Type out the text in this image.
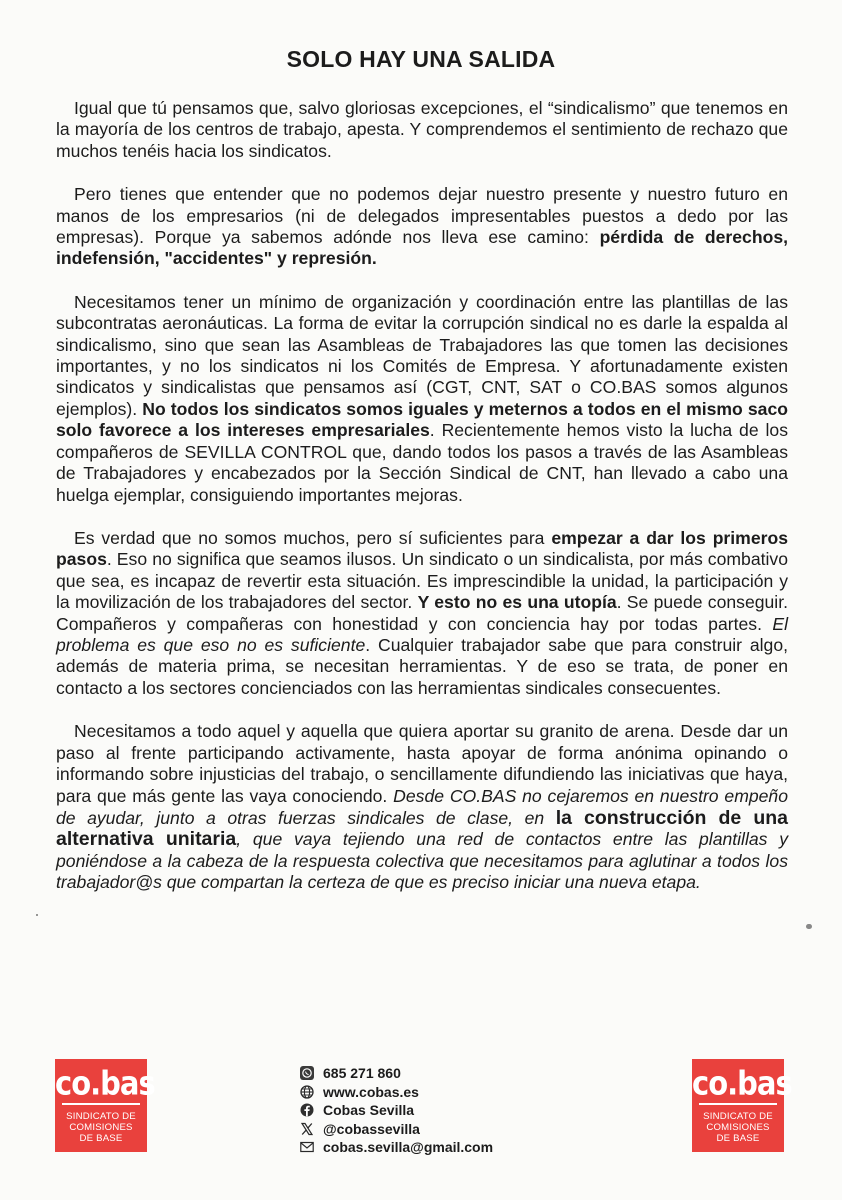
SOLO HAY UNA SALIDA

Igual que tú pensamos que, salvo gloriosas excepciones, el “sindicalismo” que tenemos en la mayoría de los centros de trabajo, apesta. Y comprendemos el sentimiento de rechazo que muchos tenéis hacia los sindicatos.

Pero tienes que entender que no podemos dejar nuestro presente y nuestro futuro en manos de los empresarios (ni de delegados impresentables puestos a dedo por las empresas). Porque ya sabemos adónde nos lleva ese camino: pérdida de derechos, indefensión, "accidentes" y represión.

Necesitamos tener un mínimo de organización y coordinación entre las plantillas de las subcontratas aeronáuticas. La forma de evitar la corrupción sindical no es darle la espalda al sindicalismo, sino que sean las Asambleas de Trabajadores las que tomen las decisiones importantes, y no los sindicatos ni los Comités de Empresa. Y afortunadamente existen sindicatos y sindicalistas que pensamos así (CGT, CNT, SAT o CO.BAS somos algunos ejemplos). No todos los sindicatos somos iguales y meternos a todos en el mismo saco solo favorece a los intereses empresariales. Recientemente hemos visto la lucha de los compañeros de SEVILLA CONTROL que, dando todos los pasos a través de las Asambleas de Trabajadores y encabezados por la Sección Sindical de CNT, han llevado a cabo una huelga ejemplar, consiguiendo importantes mejoras.

Es verdad que no somos muchos, pero sí suficientes para empezar a dar los primeros pasos. Eso no significa que seamos ilusos. Un sindicato o un sindicalista, por más combativo que sea, es incapaz de revertir esta situación. Es imprescindible la unidad, la participación y la movilización de los trabajadores del sector. Y esto no es una utopía. Se puede conseguir. Compañeros y compañeras con honestidad y con conciencia hay por todas partes. El problema es que eso no es suficiente. Cualquier trabajador sabe que para construir algo, además de materia prima, se necesitan herramientas. Y de eso se trata, de poner en contacto a los sectores concienciados con las herramientas sindicales consecuentes.

Necesitamos a todo aquel y aquella que quiera aportar su granito de arena. Desde dar un paso al frente participando activamente, hasta apoyar de forma anónima opinando o informando sobre injusticias del trabajo, o sencillamente difundiendo las iniciativas que haya, para que más gente las vaya conociendo. Desde CO.BAS no cejaremos en nuestro empeño de ayudar, junto a otras fuerzas sindicales de clase, en la construcción de una alternativa unitaria, que vaya tejiendo una red de contactos entre las plantillas y poniéndose a la cabeza de la respuesta colectiva que necesitamos para aglutinar a todos los trabajador@s que compartan la certeza de que es preciso iniciar una nueva etapa.

co.bas
SINDICATO DE
COMISIONES
DE BASE
685 271 860
www.cobas.es
Cobas Sevilla
@cobassevilla
cobas.sevilla@gmail.com
co.bas
SINDICATO DE
COMISIONES
DE BASE
